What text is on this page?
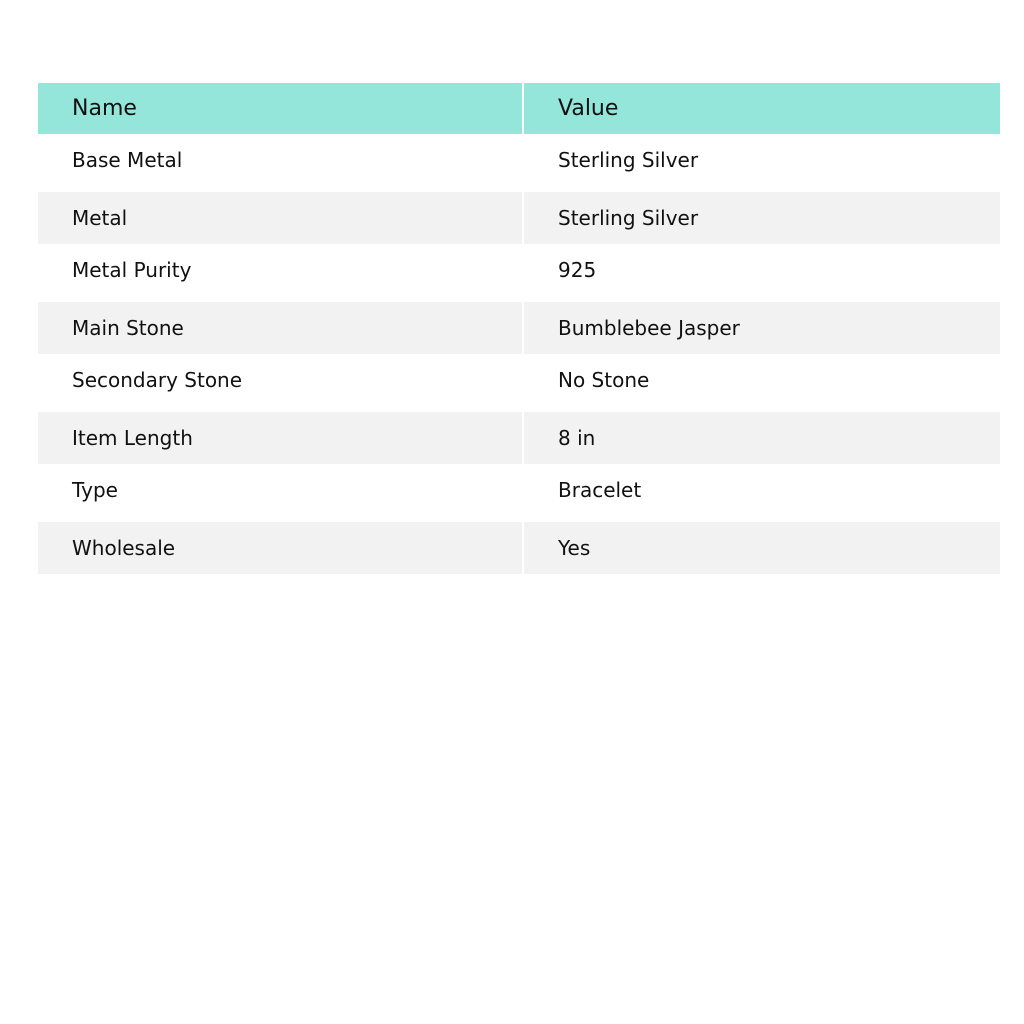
Name	Value
Base Metal	Sterling Silver
Metal	Sterling Silver
Metal Purity	925
Main Stone	Bumblebee Jasper
Secondary Stone	No Stone
Item Length	8 in
Type	Bracelet
Wholesale	Yes
